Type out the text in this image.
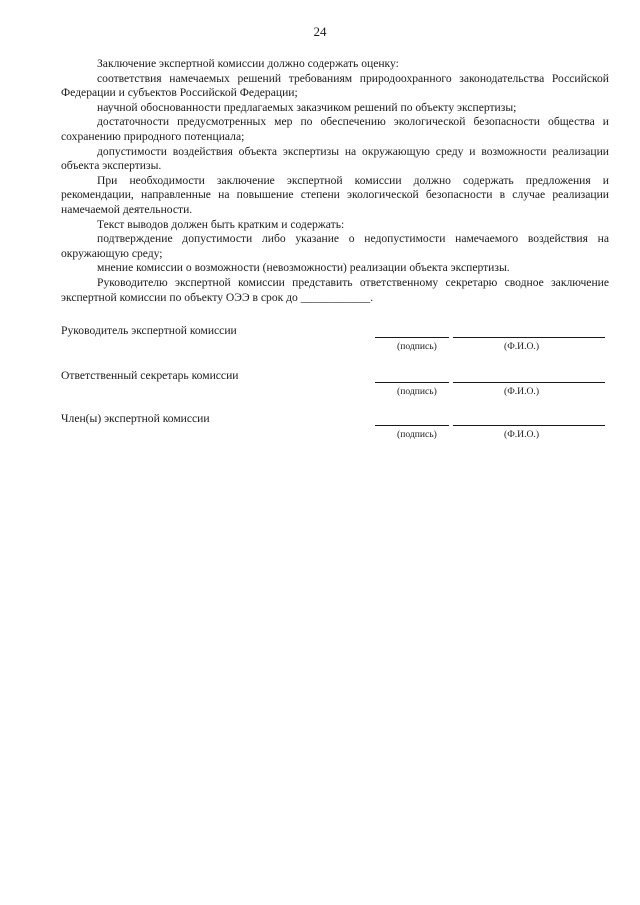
24

Заключение экспертной комиссии должно содержать оценку:

соответствия намечаемых решений требованиям природоохранного законодательства Российской Федерации и субъектов Российской Федерации;

научной обоснованности предлагаемых заказчиком решений по объекту экспертизы;

достаточности предусмотренных мер по обеспечению экологической безопасности общества и сохранению природного потенциала;

допустимости воздействия объекта экспертизы на окружающую среду и возможности реализации объекта экспертизы.

При необходимости заключение экспертной комиссии должно содержать предложения и рекомендации, направленные на повышение степени экологической безопасности в случае реализации намечаемой деятельности.

Текст выводов должен быть кратким и содержать:

подтверждение допустимости либо указание о недопустимости намечаемого воздействия на окружающую среду;

мнение комиссии о возможности (невозможности) реализации объекта экспертизы.

Руководителю экспертной комиссии представить ответственному секретарю сводное заключение экспертной комиссии по объекту ОЭЭ в срок до ____________.

Руководитель экспертной комиссии
(подпись)	(Ф.И.О.)
Ответственный секретарь комиссии
(подпись)	(Ф.И.О.)
Член(ы) экспертной комиссии
(подпись)	(Ф.И.О.)
